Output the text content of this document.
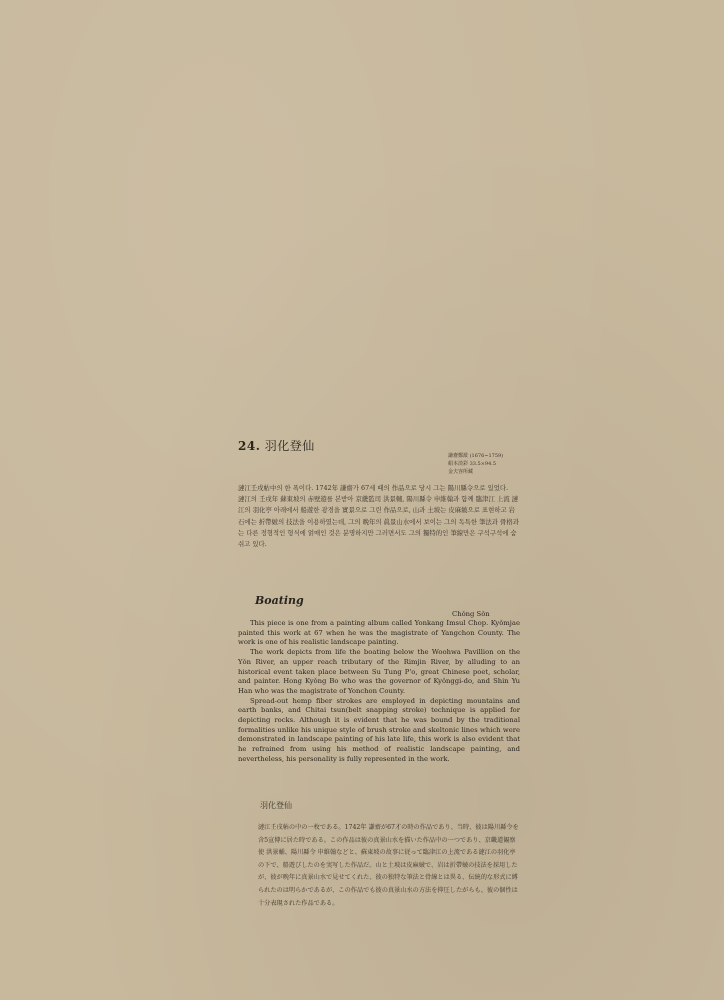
24. 羽化登仙
謙齋鄭敾 (1676~1759)
絹本淡彩 33.5×94.5
金夫容所藏

漣江壬戌帖中의 한 폭이다. 1742年 謙齋가 67세 때의 作品으로 당시 그는 陽川縣令으로 있었다.

漣江의 壬戌年 蘇東坡의 赤壁遊를 본받아 京畿監司 洪景輔, 陽川縣令 申維翰과 함께 臨津江 上流 漣江의 羽化亭 아래에서 船遊한 광경을 實景으로 그린 作品으로, 山과 土坡는 皮麻皴으로 표현하고 岩石에는 折帶皴의 技法을 이용하였는데, 그의 晩年의 眞景山水에서 보이는 그의 독특한 筆法과 骨格과는 다른 정형적인 형식에 얽매인 것은 분명하지만 그러면서도 그의 獨特的인 筆線만은 구석구석에 숨쉬고 있다.

Boating
Chŏng Sŏn

This piece is one from a painting album called Yonkang Imsul Chop. Kyŏmjae painted this work at 67 when he was the magistrate of Yangchon County. The work is one of his realistic landscape painting.

The work depicts from life the boating below the Woohwa Pavillion on the Yŏn River, an upper reach tributary of the Rimjin River, by alluding to an historical event taken place between Su Tung P'o, great Chinese poet, scholar, and painter. Hong Kyŏng Bo who was the governor of Kyŏnggi-do, and Shin Yu Han who was the magistrate of Yonchon County.

Spread-out hemp fiber strokes are employed in depicting mountains and earth banks, and Chitai tsun(belt snapping stroke) technique is applied for depicting rocks. Although it is evident that he was bound by the traditional formalities unlike his unique style of brush stroke and skeltonic lines which were demonstrated in landscape painting of his late life, this work is also evident that he refrained from using his method of realistic landscape painting, and nevertheless, his personality is fully represented in the work.

羽化登仙

漣江壬戌帖の中の一枚である。1742年 謙齋が67才の時の作品であり、当時、彼は陽川縣令を含5宣傳に居た時である。この作品は彼の真景山水を描いた作品中の一つであり、京畿道観察使 洪景輔、陽川縣令 申維翰などと、蘇東坡の故事に従って臨津江の上流である漣江の羽化亭の下で、船遊びしたのを実写した作品だ。山と土坡は皮麻皴で、岩は折帶皴の技法を採用したが、彼が晩年に真景山水で見せてくれた、彼の独特な筆法と骨線とは異る、伝統的な形式に縛られたのは明らかであるが、この作品でも彼の真景山水の方法を抑圧したがらも、彼の個性は十分表現された作品である。
